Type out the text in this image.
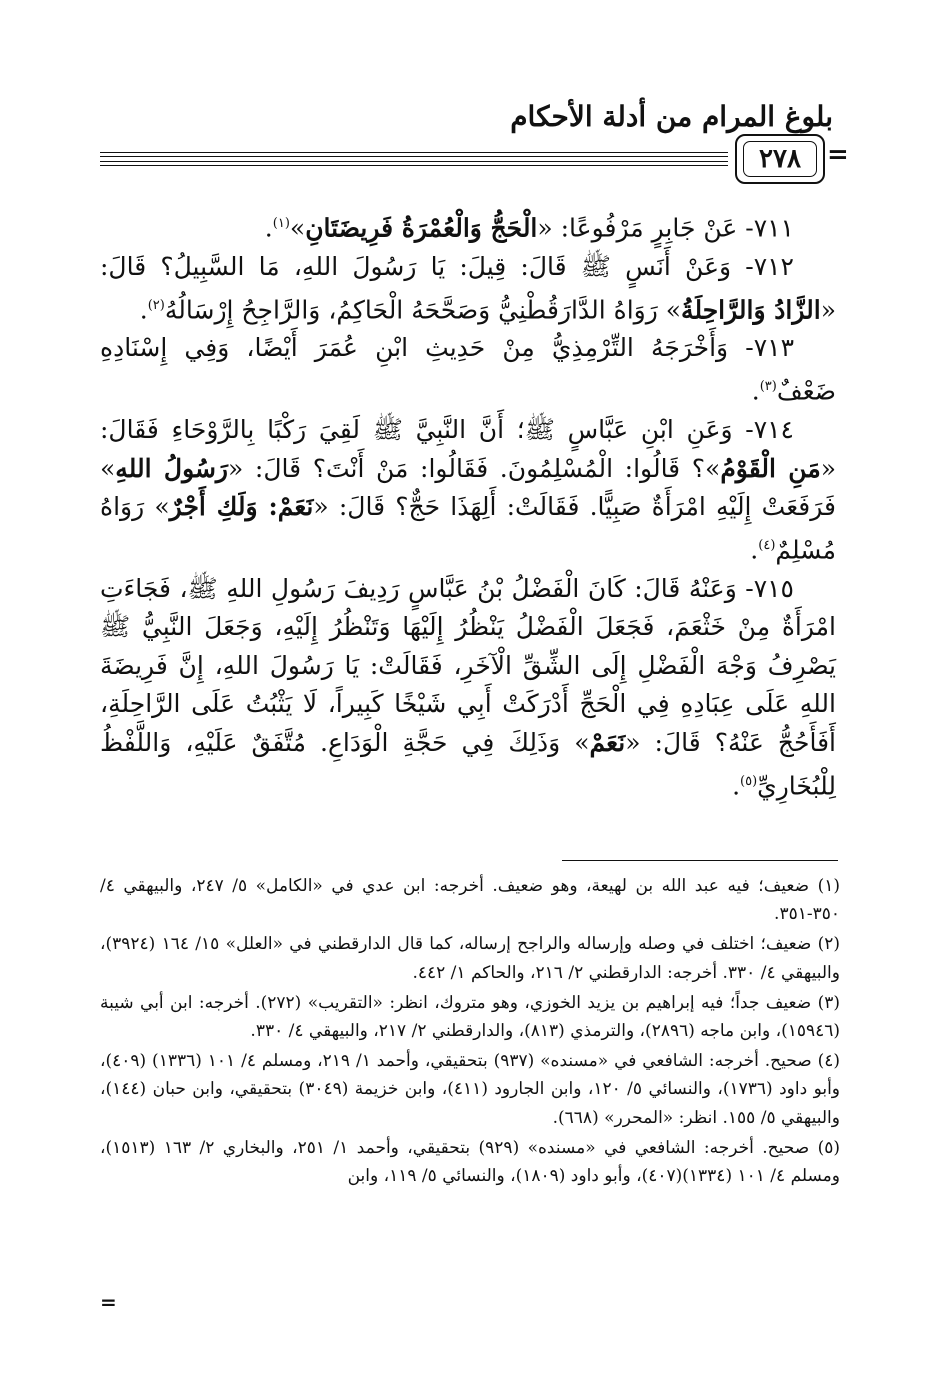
بلوغ المرام من أدلة الأحكام
=
٢٧٨

٧١١- عَنْ جَابِرٍ مَرْفُوعًا: «الْحَجُّ وَالْعُمْرَةُ فَرِيضَتَانِ»$^{(١)}$.

٧١٢- وَعَنْ أَنَسٍ ﷺ قَالَ: قِيلَ: يَا رَسُولَ اللهِ، مَا السَّبِيلُ؟ قَالَ: «الزَّادُ وَالرَّاحِلَةُ» رَوَاهُ الدَّارَقُطْنِيُّ وَصَحَّحَهُ الْحَاكِمُ، وَالرَّاجِحُ إِرْسَالُهُ$^{(٢)}$.

٧١٣- وَأَخْرَجَهُ التِّرْمِذِيُّ مِنْ حَدِيثِ ابْنِ عُمَرَ أَيْضًا، وَفِي إِسْنَادِهِ ضَعْفٌ$^{(٣)}$.

٧١٤- وَعَنِ ابْنِ عَبَّاسٍ ﷺ؛ أَنَّ النَّبِيَّ ﷺ لَقِيَ رَكْبًا بِالرَّوْحَاءِ فَقَالَ: «مَنِ الْقَوْمُ»؟ قَالُوا: الْمُسْلِمُونَ. فَقَالُوا: مَنْ أَنْتَ؟ قَالَ: «رَسُولُ اللهِ» فَرَفَعَتْ إِلَيْهِ امْرَأَةٌ صَبِيًّا. فَقَالَتْ: أَلِهَذَا حَجٌّ؟ قَالَ: «نَعَمْ: وَلَكِ أَجْرٌ» رَوَاهُ مُسْلِمٌ$^{(٤)}$.

٧١٥- وَعَنْهُ قَالَ: كَانَ الْفَضْلُ بْنُ عَبَّاسٍ رَدِيفَ رَسُولِ اللهِ ﷺ، فَجَاءَتِ امْرَأَةٌ مِنْ خَثْعَمَ، فَجَعَلَ الْفَضْلُ يَنْظُرُ إِلَيْهَا وَتَنْظُرُ إِلَيْهِ، وَجَعَلَ النَّبِيُّ ﷺ يَصْرِفُ وَجْهَ الْفَضْلِ إِلَى الشِّقِّ الْآخَرِ، فَقَالَتْ: يَا رَسُولَ اللهِ، إِنَّ فَرِيضَةَ اللهِ عَلَى عِبَادِهِ فِي الْحَجِّ أَدْرَكَتْ أَبِي شَيْخًا كَبِيراً، لَا يَثْبُتُ عَلَى الرَّاحِلَةِ، أَفَأَحُجُّ عَنْهُ؟ قَالَ: «نَعَمْ» وَذَلِكَ فِي حَجَّةِ الْوَدَاعِ. مُتَّفَقٌ عَلَيْهِ، وَاللَّفْظُ لِلْبُخَارِيِّ$^{(٥)}$.

(١) ضعيف؛ فيه عبد الله بن لهيعة، وهو ضعيف. أخرجه: ابن عدي في «الكامل» ٥/ ٢٤٧، والبيهقي ٤/ ٣٥٠-٣٥١.

(٢) ضعيف؛ اختلف في وصله وإرساله والراجح إرساله، كما قال الدارقطني في «العلل» ١٥/ ١٦٤ (٣٩٢٤)، والبيهقي ٤/ ٣٣٠. أخرجه: الدارقطني ٢/ ٢١٦، والحاكم ١/ ٤٤٢.

(٣) ضعيف جداً؛ فيه إبراهيم بن يزيد الخوزي، وهو متروك، انظر: «التقريب» (٢٧٢). أخرجه: ابن أبي شيبة (١٥٩٤٦)، وابن ماجه (٢٨٩٦)، والترمذي (٨١٣)، والدارقطني ٢/ ٢١٧، والبيهقي ٤/ ٣٣٠.

(٤) صحيح. أخرجه: الشافعي في «مسنده» (٩٣٧) بتحقيقي، وأحمد ١/ ٢١٩، ومسلم ٤/ ١٠١ (١٣٣٦) (٤٠٩)، وأبو داود (١٧٣٦)، والنسائي ٥/ ١٢٠، وابن الجارود (٤١١)، وابن خزيمة (٣٠٤٩) بتحقيقي، وابن حبان (١٤٤)، والبيهقي ٥/ ١٥٥. انظر: «المحرر» (٦٦٨).

(٥) صحيح. أخرجه: الشافعي في «مسنده» (٩٢٩) بتحقيقي، وأحمد ١/ ٢٥١، والبخاري ٢/ ١٦٣ (١٥١٣)، ومسلم ٤/ ١٠١ (١٣٣٤)(٤٠٧)، وأبو داود (١٨٠٩)، والنسائي ٥/ ١١٩، وابن

=
